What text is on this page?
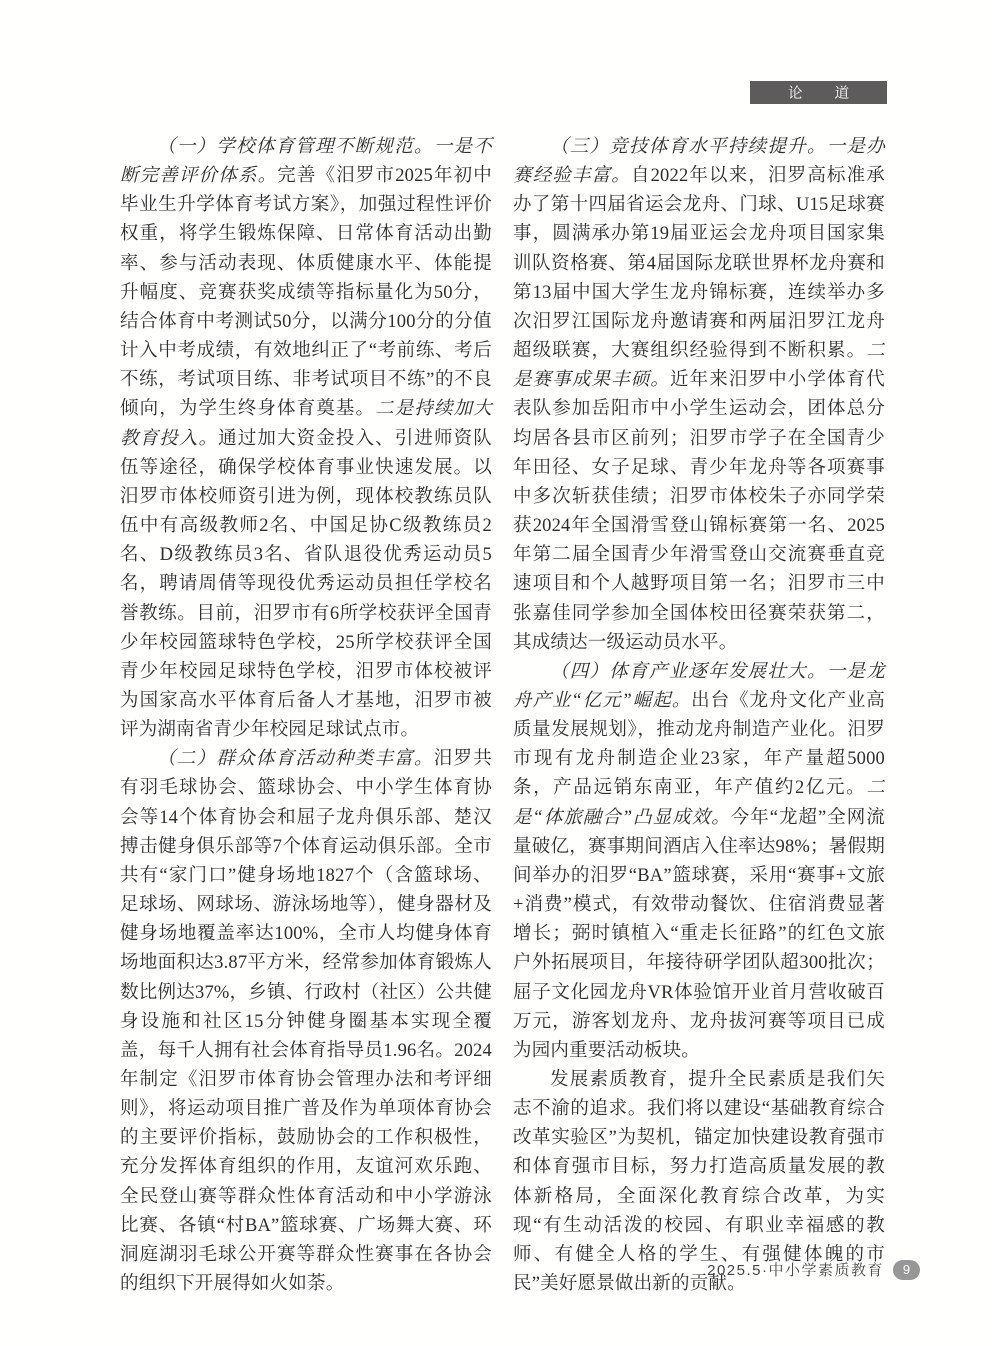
论 道

（一）学校体育管理不断规范。一是不断完善评价体系。完善《汨罗市2025年初中毕业生升学体育考试方案》，加强过程性评价权重，将学生锻炼保障、日常体育活动出勤率、参与活动表现、体质健康水平、体能提升幅度、竞赛获奖成绩等指标量化为50分，结合体育中考测试50分，以满分100分的分值计入中考成绩，有效地纠正了“考前练、考后不练，考试项目练、非考试项目不练”的不良倾向，为学生终身体育奠基。二是持续加大教育投入。通过加大资金投入、引进师资队伍等途径，确保学校体育事业快速发展。以汨罗市体校师资引进为例，现体校教练员队伍中有高级教师2名、中国足协C级教练员2名、D级教练员3名、省队退役优秀运动员5名，聘请周倩等现役优秀运动员担任学校名誉教练。目前，汨罗市有6所学校获评全国青少年校园篮球特色学校，25所学校获评全国青少年校园足球特色学校，汨罗市体校被评为国家高水平体育后备人才基地，汨罗市被评为湖南省青少年校园足球试点市。

（二）群众体育活动种类丰富。汨罗共有羽毛球协会、篮球协会、中小学生体育协会等14个体育协会和屈子龙舟俱乐部、楚汉搏击健身俱乐部等7个体育运动俱乐部。全市共有“家门口”健身场地1827个（含篮球场、足球场、网球场、游泳场地等），健身器材及健身场地覆盖率达100%，全市人均健身体育场地面积达3.87平方米，经常参加体育锻炼人数比例达37%，乡镇、行政村（社区）公共健身设施和社区15分钟健身圈基本实现全覆盖，每千人拥有社会体育指导员1.96名。2024年制定《汨罗市体育协会管理办法和考评细则》，将运动项目推广普及作为单项体育协会的主要评价指标，鼓励协会的工作积极性，充分发挥体育组织的作用，友谊河欢乐跑、全民登山赛等群众性体育活动和中小学游泳比赛、各镇“村BA”篮球赛、广场舞大赛、环洞庭湖羽毛球公开赛等群众性赛事在各协会的组织下开展得如火如荼。

（三）竞技体育水平持续提升。一是办赛经验丰富。自2022年以来，汨罗高标准承办了第十四届省运会龙舟、门球、U15足球赛事，圆满承办第19届亚运会龙舟项目国家集训队资格赛、第4届国际龙联世界杯龙舟赛和第13届中国大学生龙舟锦标赛，连续举办多次汨罗江国际龙舟邀请赛和两届汨罗江龙舟超级联赛，大赛组织经验得到不断积累。二是赛事成果丰硕。近年来汨罗中小学体育代表队参加岳阳市中小学生运动会，团体总分均居各县市区前列；汨罗市学子在全国青少年田径、女子足球、青少年龙舟等各项赛事中多次斩获佳绩；汨罗市体校朱子亦同学荣获2024年全国滑雪登山锦标赛第一名、2025年第二届全国青少年滑雪登山交流赛垂直竞速项目和个人越野项目第一名；汨罗市三中张嘉佳同学参加全国体校田径赛荣获第二，其成绩达一级运动员水平。

（四）体育产业逐年发展壮大。一是龙舟产业“亿元”崛起。出台《龙舟文化产业高质量发展规划》，推动龙舟制造产业化。汨罗市现有龙舟制造企业23家，年产量超5000条，产品远销东南亚，年产值约2亿元。二是“体旅融合”凸显成效。今年“龙超”全网流量破亿，赛事期间酒店入住率达98%；暑假期间举办的汨罗“BA”篮球赛，采用“赛事+文旅+消费”模式，有效带动餐饮、住宿消费显著增长；弼时镇植入“重走长征路”的红色文旅户外拓展项目，年接待研学团队超300批次；屈子文化园龙舟VR体验馆开业首月营收破百万元，游客划龙舟、龙舟拔河赛等项目已成为园内重要活动板块。

发展素质教育，提升全民素质是我们矢志不渝的追求。我们将以建设“基础教育综合改革实验区”为契机，锚定加快建设教育强市和体育强市目标，努力打造高质量发展的教体新格局，全面深化教育综合改革，为实现“有生动活泼的校园、有职业幸福感的教师、有健全人格的学生、有强健体魄的市民”美好愿景做出新的贡献。

2025.5·中小学素质教育	9
